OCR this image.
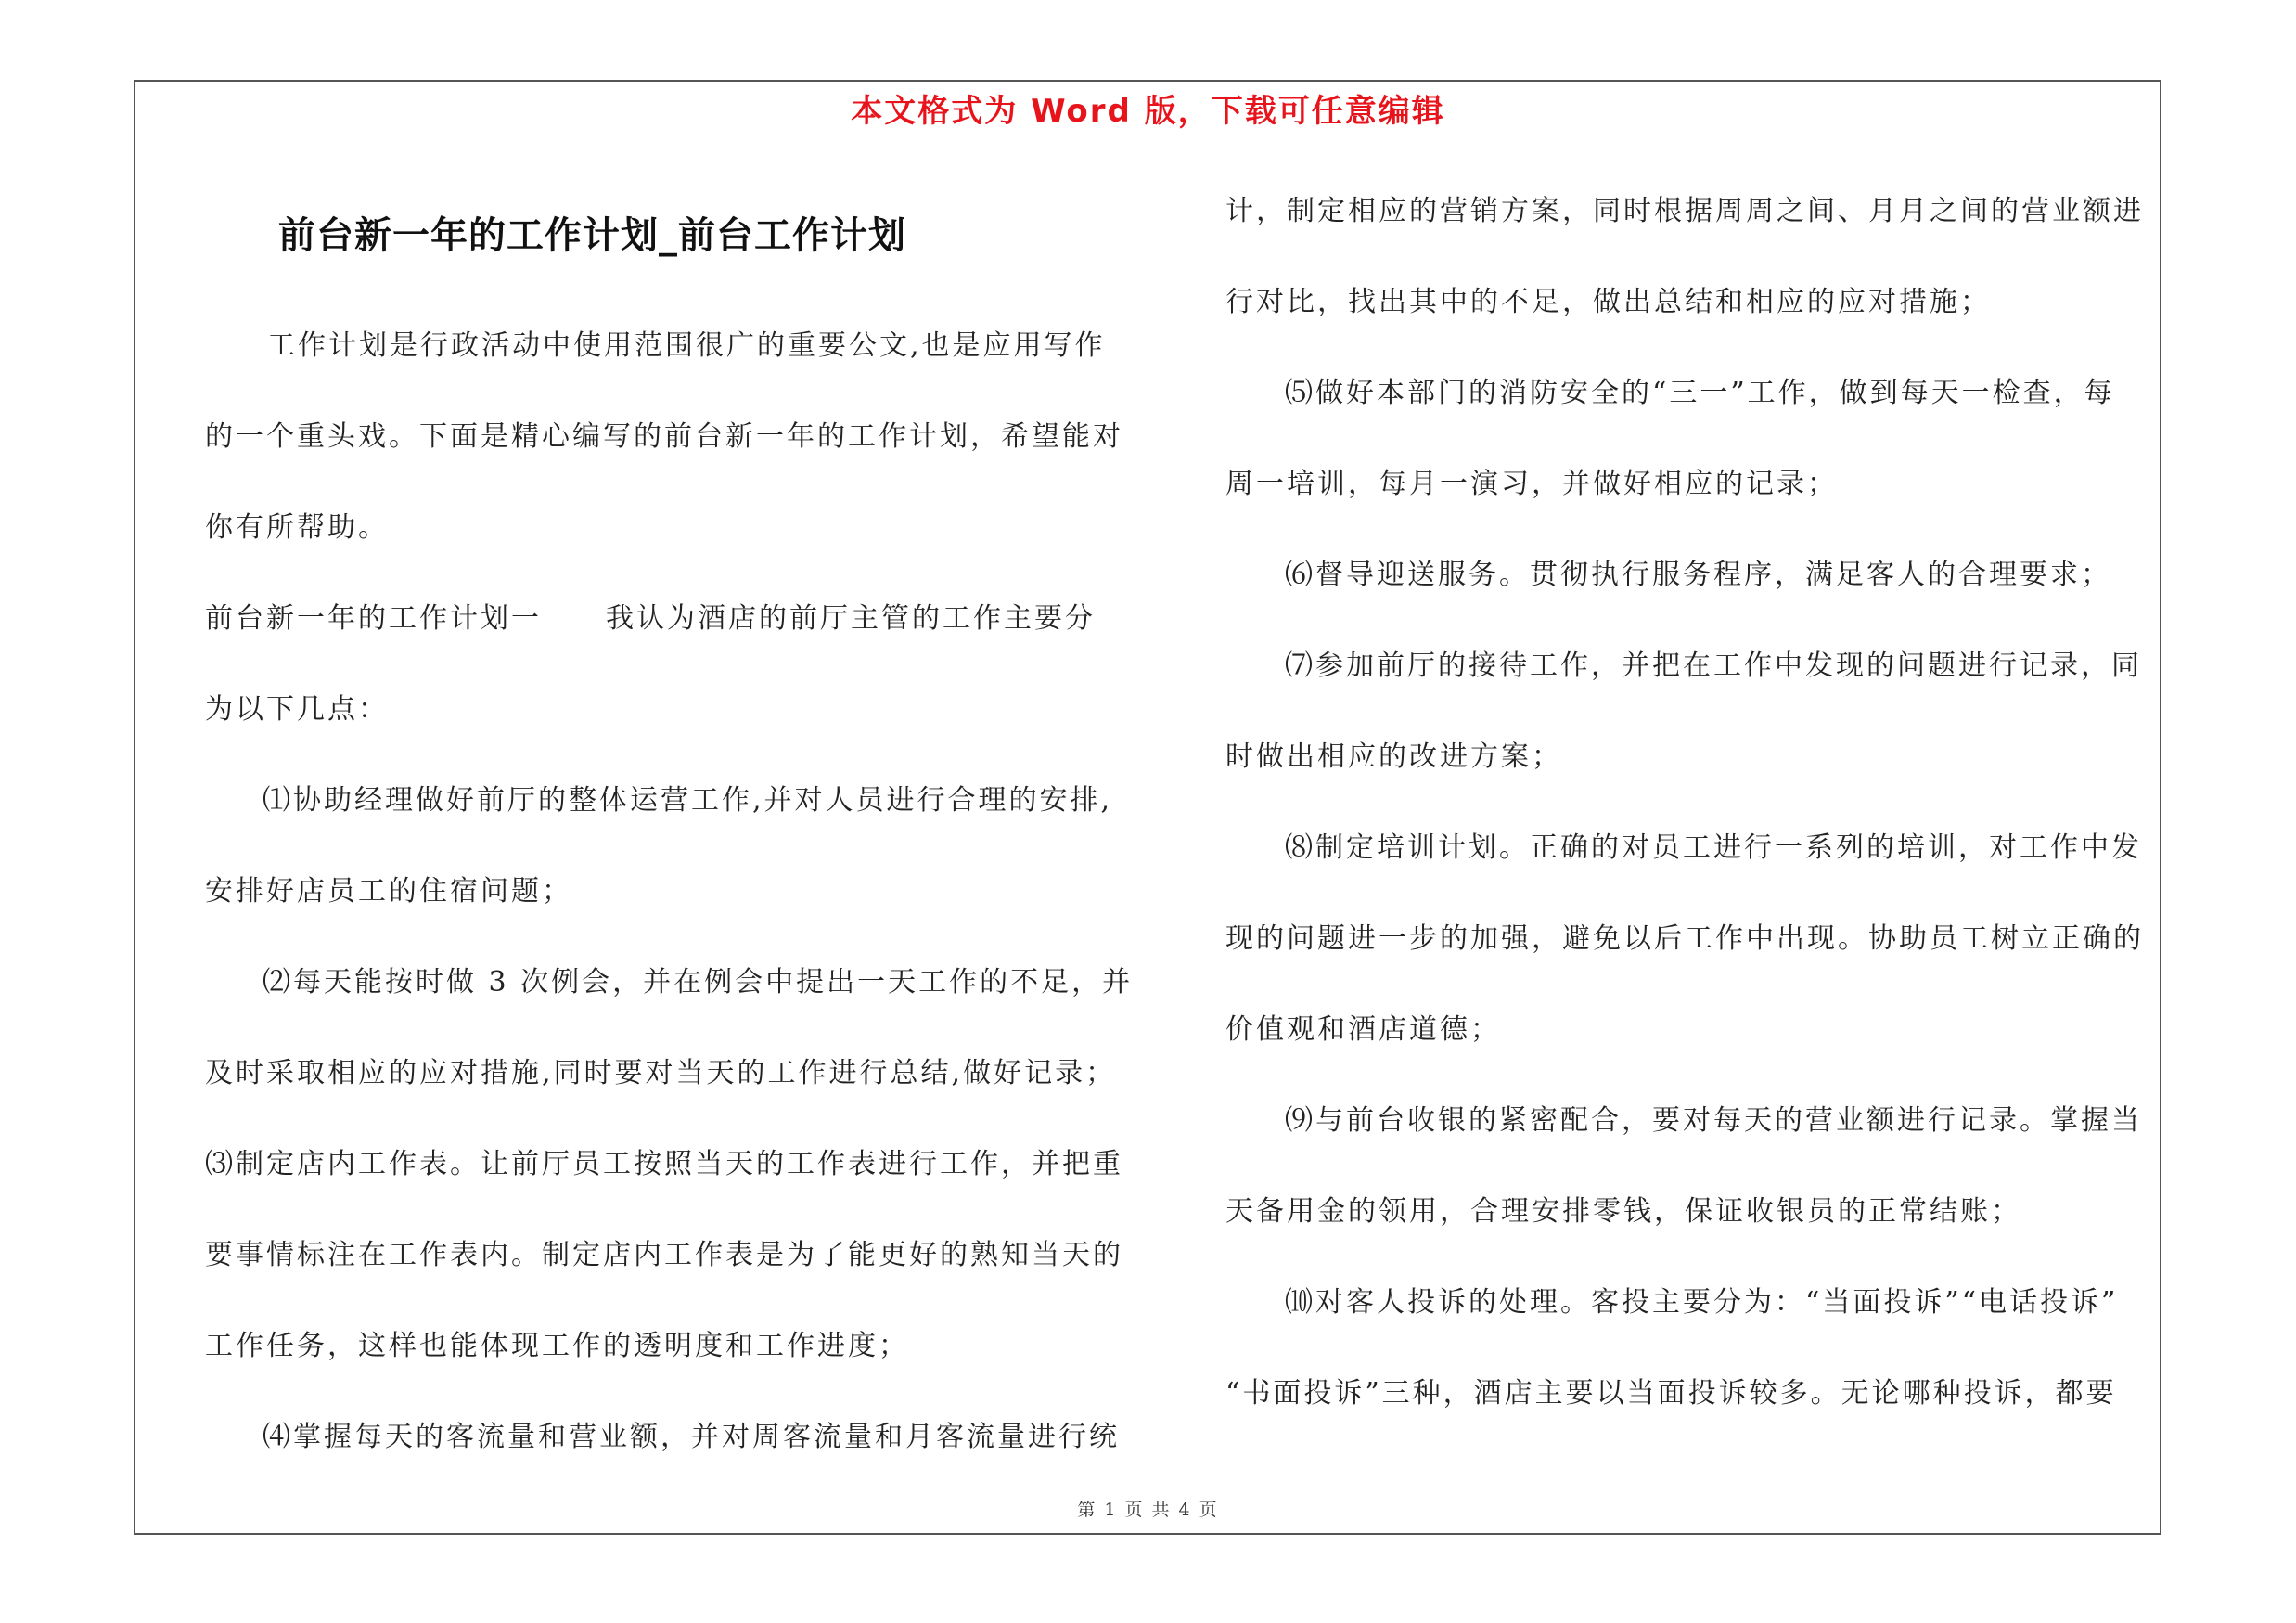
本文格式为 Word 版，下载可任意编辑
前台新一年的工作计划_前台工作计划
工作计划是行政活动中使用范围很广的重要公文,也是应用写作
的一个重头戏。下面是精心编写的前台新一年的工作计划，希望能对
你有所帮助。
前台新一年的工作计划一 我认为酒店的前厅主管的工作主要分
为以下几点：
⑴协助经理做好前厅的整体运营工作,并对人员进行合理的安排,
安排好店员工的住宿问题；
⑵每天能按时做 3 次例会，并在例会中提出一天工作的不足，并
及时采取相应的应对措施,同时要对当天的工作进行总结,做好记录；
⑶制定店内工作表。让前厅员工按照当天的工作表进行工作，并把重
要事情标注在工作表内。制定店内工作表是为了能更好的熟知当天的
工作任务，这样也能体现工作的透明度和工作进度；
⑷掌握每天的客流量和营业额，并对周客流量和月客流量进行统
计，制定相应的营销方案，同时根据周周之间、月月之间的营业额进
行对比，找出其中的不足，做出总结和相应的应对措施；
⑸做好本部门的消防安全的“三一”工作，做到每天一检查，每
周一培训，每月一演习，并做好相应的记录；
⑹督导迎送服务。贯彻执行服务程序，满足客人的合理要求；
⑺参加前厅的接待工作，并把在工作中发现的问题进行记录，同
时做出相应的改进方案；
⑻制定培训计划。正确的对员工进行一系列的培训，对工作中发
现的问题进一步的加强，避免以后工作中出现。协助员工树立正确的
价值观和酒店道德；
⑼与前台收银的紧密配合，要对每天的营业额进行记录。掌握当
天备用金的领用，合理安排零钱，保证收银员的正常结账；
⑽对客人投诉的处理。客投主要分为：“当面投诉”“电话投诉”
“书面投诉”三种，酒店主要以当面投诉较多。无论哪种投诉，都要
第 1 页 共 4 页
